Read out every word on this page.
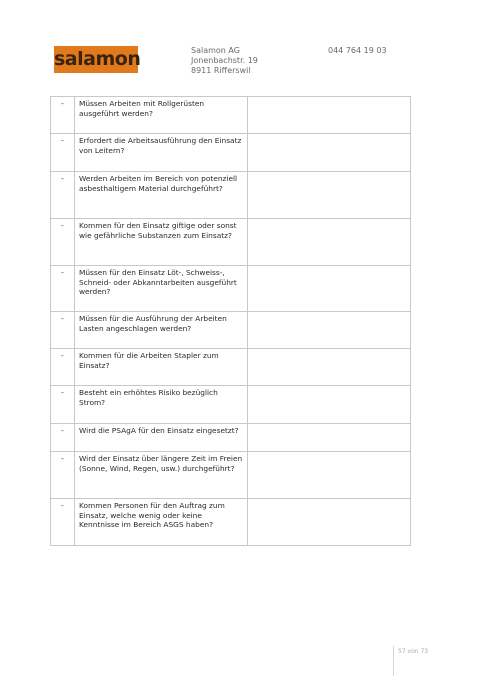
salamon	Salamon AG
Jonenbachstr. 19
8911 Rifferswil
044 764 19 03
-	Müssen Arbeiten mit Rollgerüsten ausgeführt werden?	
-	Erfordert die Arbeitsausführung den Einsatz von Leitern?	
-	Werden Arbeiten im Bereich von potenziell asbesthaltigem Material durchgeführt?	
-	Kommen für den Einsatz giftige oder sonst wie gefährliche Substanzen zum Einsatz?	
-	Müssen für den Einsatz Löt-, Schweiss-, Schneid- oder Abkanntarbeiten ausgeführt werden?	
-	Müssen für die Ausführung der Arbeiten Lasten angeschlagen werden?	
-	Kommen für die Arbeiten Stapler zum Einsatz?	
-	Besteht ein erhöhtes Risiko bezüglich Strom?	
-	Wird die PSAgA für den Einsatz eingesetzt?	
-	Wird der Einsatz über längere Zeit im Freien (Sonne, Wind, Regen, usw.) durchgeführt?	
-	Kommen Personen für den Auftrag zum Einsatz, welche wenig oder keine Kenntnisse im Bereich ASGS haben?	
57 von 73
